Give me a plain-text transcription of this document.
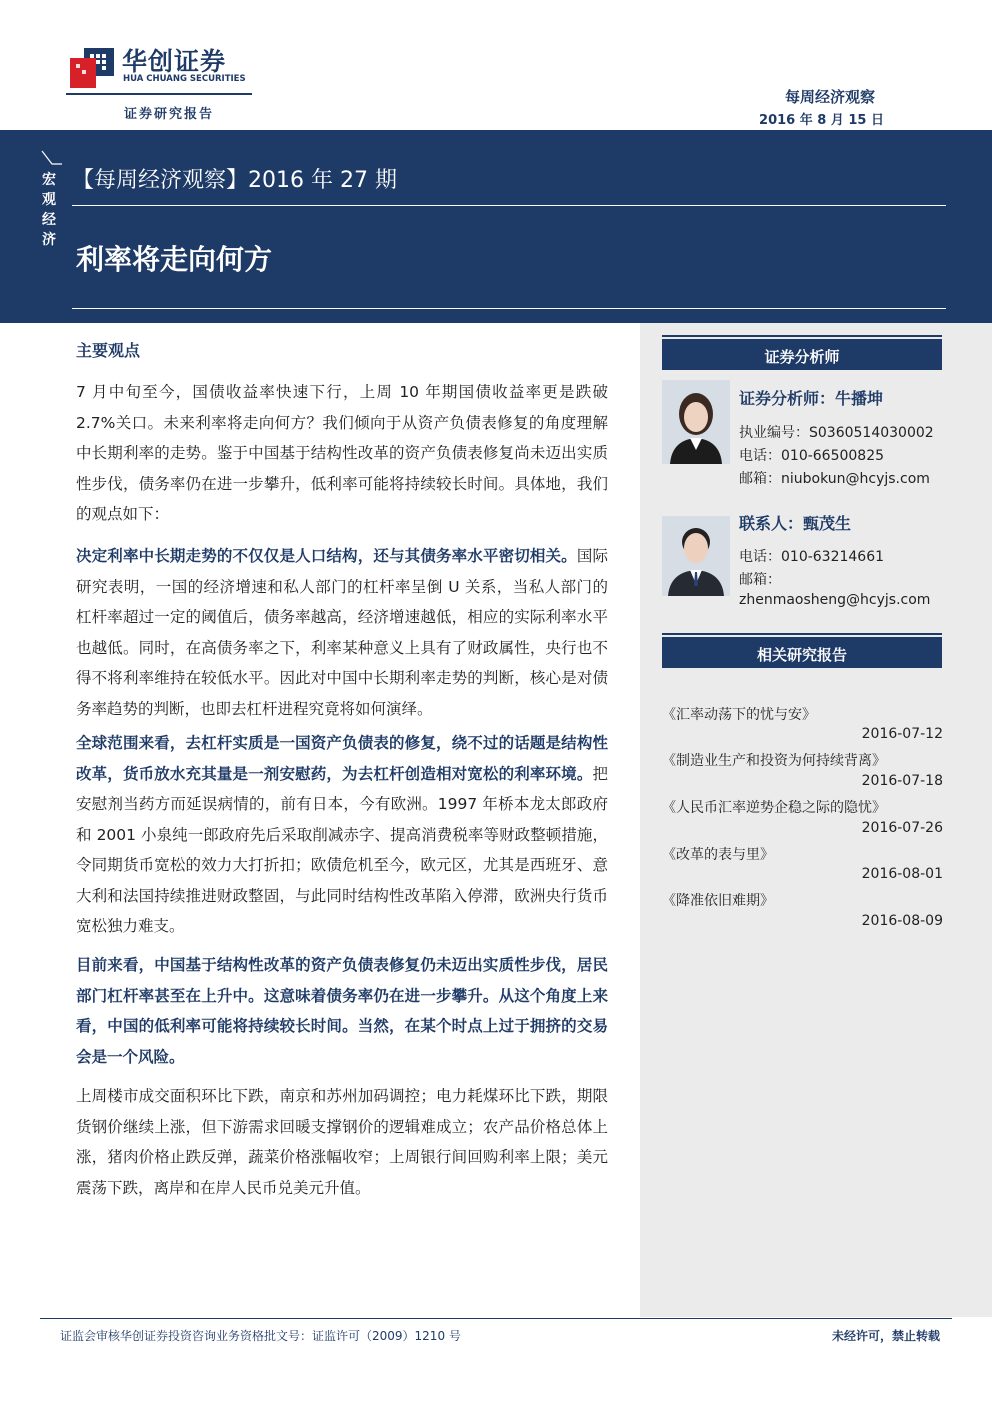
华创证券
HUA CHUANG SECURITIES
证券研究报告
每周经济观察
2016 年 8 月 15 日
宏观经济
【每周经济观察】2016 年 27 期
利率将走向何方
证券分析师
证券分析师：牛播坤
执业编号：S0360514030002
电话：010-66500825
邮箱：niubokun@hcyjs.com
联系人：甄茂生
电话：010-63214661
邮箱：
zhenmaosheng@hcyjs.com
相关研究报告
《汇率动荡下的忧与安》
2016-07-12
《制造业生产和投资为何持续背离》
2016-07-18
《人民币汇率逆势企稳之际的隐忧》
2016-07-26
《改革的表与里》
2016-08-01
《降准依旧难期》
2016-08-09
主要观点
7 月中旬至今，国债收益率快速下行，上周 10 年期国债收益率更是跌破 2.7%关口。未来利率将走向何方？我们倾向于从资产负债表修复的角度理解中长期利率的走势。鉴于中国基于结构性改革的资产负债表修复尚未迈出实质性步伐，债务率仍在进一步攀升，低利率可能将持续较长时间。具体地，我们的观点如下：
决定利率中长期走势的不仅仅是人口结构，还与其债务率水平密切相关。国际研究表明，一国的经济增速和私人部门的杠杆率呈倒 U 关系，当私人部门的杠杆率超过一定的阈值后，债务率越高，经济增速越低，相应的实际利率水平也越低。同时，在高债务率之下，利率某种意义上具有了财政属性，央行也不得不将利率维持在较低水平。因此对中国中长期利率走势的判断，核心是对债务率趋势的判断，也即去杠杆进程究竟将如何演绎。
全球范围来看，去杠杆实质是一国资产负债表的修复，绕不过的话题是结构性改革，货币放水充其量是一剂安慰药，为去杠杆创造相对宽松的利率环境。把安慰剂当药方而延误病情的，前有日本，今有欧洲。1997 年桥本龙太郎政府和 2001 小泉纯一郎政府先后采取削减赤字、提高消费税率等财政整顿措施，令同期货币宽松的效力大打折扣；欧债危机至今，欧元区，尤其是西班牙、意大利和法国持续推进财政整固，与此同时结构性改革陷入停滞，欧洲央行货币宽松独力难支。
目前来看，中国基于结构性改革的资产负债表修复仍未迈出实质性步伐，居民部门杠杆率甚至在上升中。这意味着债务率仍在进一步攀升。从这个角度上来看，中国的低利率可能将持续较长时间。当然，在某个时点上过于拥挤的交易会是一个风险。
上周楼市成交面积环比下跌，南京和苏州加码调控；电力耗煤环比下跌，期限货钢价继续上涨，但下游需求回暖支撑钢价的逻辑难成立；农产品价格总体上涨，猪肉价格止跌反弹，蔬菜价格涨幅收窄；上周银行间回购利率上限；美元震荡下跌，离岸和在岸人民币兑美元升值。
证监会审核华创证券投资咨询业务资格批文号：证监许可（2009）1210 号	未经许可，禁止转载
